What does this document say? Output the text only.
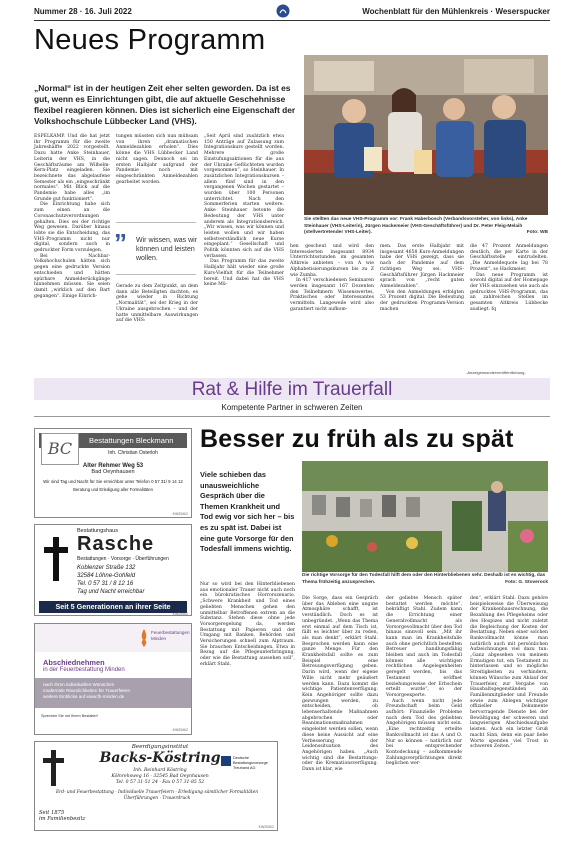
Nummer 28 · 16. Juli 2022	Wochenblatt für den Mühlenkreis · Weserspucker
Neues Programm
„Normal“ ist in der heutigen Zeit eher selten geworden. Da ist es gut, wenn es Einrichtungen gibt, die auf aktuelle Geschehnisse flexibel reagieren können. Dies ist sicherlich eine Eigenschaft der Volkshochschule Lübbecker Land (VHS).

ESPELKAMP. Und die hat jetzt ihr Programm für die zweite Jahreshälfte 2022 vorgestellt. Dazu hatte Anke Steinhauer, Leiterin der VHS, in die Geschäftsräume am Wilhelm-Kern-Platz eingeladen. Sie bezeichnete das abgelaufene Semester als ein „eingeschränkt normales“. Mit Blick auf die Pandemie habe alles „im Grunde gut funktioniert“.

Die Einrichtung habe sich zum einen an die Coronaschutzverordnungen gehalten. Dies sei der richtige Weg gewesen. Darüber hinaus lobte sie die Entscheidung, das VHS-Programm nicht nur digital, sondern auch in gedruckter Form vorzulegen.

Bei Nachbar-Volkshochschulen hätten sich gegen eine gedruckte Version entschieden und hätten spürbare Anmelderückgänge hinnehmen müssen. Sie seien damit „wirklich auf den Bart gegangen“. Einige Einrich-

tungen müssten sich nun mühsam von ihren „dramatischen Anmeldezahlen erholen“. Dies könne die VHS Lübbecker Land nicht sagen. Dennoch sei im ersten Halbjahr aufgrund der Pandemie noch mit eingeschränkten Anmeldezahlen gearbeitet worden.

” Wir wissen, was wir können und leisten wollen.

Gerade zu dem Zeitpunkt, an dem dann alle Beteiligten dachten, es gehe wieder in Richtung „Normalität“, sei der Krieg in der Ukraine ausgebrochen – und der hatte unmittelbare Auswirkungen auf die VHS:

„Seit April sind zusätzlich etwa 150 Anträge auf Zulassung zum Integrationskurs gestellt worden. Mehrere große Einstufungsaktionen für die aus der Ukraine Geflüchteten wurden vorgenommen“, so Steinhauer. In zusätzlichen Integrationskursen – allein fünf sind in den vergangenen Wochen gestartet – wurden über 100 Personen unterrichtet. Nach den Sommerferien starten weitere. Anke Steinhauer betonte die Bedeutung der VHS unter anderem als Integrationsbereich. „Wir wissen, was wir können und leisten wollen und wir haben selbstverständlich neue Kurse eingeplant.“ Gesellschaft und Politik könnten sich auf die VHS verlassen.

Das Programm für das zweite Halbjahr hält wieder eine große Kurs-Vielfalt für die Teilnehmer bereit. Und dabei hat die VHS keine Mü-

Sie stellten das neue VHS-Programm vor: Frank Haberbosch (Verbandsvorsteher, von links), Anke Steinhauer (VHS-Leiterin), Jürgen Hackemeier (VHS-Geschäftsführer) und Dr. Peter Fleig-Melaih (stellvertretender VHS-Leiter).	Foto: WB

hen gescheut und wird den Interessierten insgesamt 8934 Unterrichtsstunden im gesamten Altkreis anbieten – von A wie Alphabetisierungskursen bis zu Z wie Zumba.

In 417 verschiedenen Seminaren werden insgesamt 167 Dozenten den Teilnehmern Wissenswertes, Praktisches oder Interessantes vermitteln. Langeweile wird also garantiert nicht aufkom-

men. Das erste Halbjahr mit insgesamt 4658 Kurs-Anmeldungen habe der VHS gezeigt, dass sie nach der Pandemie auf dem richtigen Weg sei. VHS-Geschäftsführer Jürgen Hackmeier sprach von „recht guten Anmeldezahlen“.

Von den Anmeldungen erfolgten 53 Prozent digital. Die Bedeutung der gedruckten Programm-Version machen

die 47 Prozent Anmeldungen deutlich, die per Karte in der Geschäftsstelle eintrudelten. „Die Anmeldequote lag bei 78 Prozent“, so Hackmeier.

Das neue Programm ist sowohl digital auf der Homepage der VHS einzusehen wie auch als gedrucktes VHS-Programm, das an zahlreichen Stellen im gesamten Altkreis Lübbecke ausliegt. fq

-Anzeigensonderveröffentlichung-
Rat & Hilfe im Trauerfall
Kompetente Partner in schweren Zeiten
Bestattungen Bleckmann
BC	Inh. Christian Osterloh
Alter Rehmer Weg 53
Bad Oeynhausen
Wir sind Tag und Nacht für Sie erreichbar unter Telefon 0 57 31/ 9 14 12
Beratung und Erledigung aller Formalitäten
KW20/6/2
Bestattungshaus
Rasche
Bestattungen · Vorsorge · Überführungen
Koblenzer Straße 132
32584 Löhne-Gohfeld
Tel. 0 57 31 / 8 12 16
Tag und Nacht erreichbar
Seit 5 Generationen an ihrer Seite
KW20/6/2
Feuerbestattungen Minden
Abschiednehmen
in der Feuerbestattung Minden
nach Ihren individuellen Wünschen
modernste Räumlichkeiten für Trauerfeiern
weitere Einblicke auf www.fb-minden.de
Sprechen Sie mit Ihrem Bestatter!
KW20/6/2
Beerdigungsinstitut
Backs-Köstring
Inh. Reinhard Köstring
Kölnrehsweg 16 · 32545 Bad Oeynhausen
Tel. 0 57 31-51 24 · Fax 0 57 31-85 52
Erd- und Feuerbestattung · Individuelle Trauerfeiern · Erledigung sämtlicher Formalitäten
Überführungen · Trauerdruck
Seit 1875
im Familienbesitz
Deutsche Bestattungsvorsorge Treuhand AG
KW20/6/2
Besser zu früh als zu spät
Viele schieben das unausweichliche Gespräch über die Themen Krankheit und Tod ewig vor sich her – bis es zu spät ist. Dabei ist eine gute Vorsorge für den Todesfall immens wichtig.

Nur so wird bei den Hinterbliebenen aus emotionaler Trauer nicht auch noch ein bürokratisches Horrorszenario. „Schwere Krankheit und Tod eines geliebten Menschen gehen den unmittelbar Betroffenen extrem an die Substanz. Stehen diese ohne jede Vorsorgeregelung da, werden Bestattung mit Papieren und der Umgang mit Banken, Behörden und Versicherungen schnell zum Alptraum. Sie brauchen Entscheidungen. Etwa in Bezug auf die Pflegeunterbringung, oder wie die Bestattung aussehen soll“, erklärt Stahl.

Die richtige Vorsorge für den Todesfall hilft dem oder den Hinterbliebenen sehr. Deshalb ist es wichtig, das Thema frühzeitig anzusprechen.	Foto: G. Stoverock

Die Sorge, dass ein Gespräch über das Ableben eine ungute Atmosphäre schafft, ist verständlich. Doch es ist unbegründet. „Wenn das Thema erst einmal auf dem Tisch ist, fällt es leichter über zu reden, als man denkt“, erklärt Stahl. Besprochen werden kann eine ganze Menge. Für den Krankheitsfall sollte es zum Beispiel eine Betreuungsverfügung geben. Darin wird, wenn der eigene Wille nicht mehr geäußert werden kann. Dazu kommt die wichtige Patientenverfügung. Kein Angehöriger sollte dazu gezwungen werden, zu entscheiden, ob lebenserhaltende Maßnahmen abgebrochen oder Reanimationsmaßnahmen eingeleitet werden sollen, wenn diese keine Aussicht auf eine Verbesserung der Leidenssituation des Angehörigen haben. „Auch wichtig sind die Bestattungs- oder die Kremationsverfügung. Dann ist klar, wie

der geliebte Mensch später bestattet werden möchte“, bekräftigt Stahl. Zudem kann die Errichtung einer Generalvollmacht als Vorsorgevollmacht über den Tod hinaus sinnvoll sein. „Mit ihr kann man im Krankheitsfalle auch ohne gerichtlich bestellten Betreuer handlungsfähig bleiben und auch im Todesfall können alle wichtigen rechtlichen Angelegenheiten geregelt werden, bis das Testament eröffnet beziehungsweise der Erbschein erteilt wurde“, so der Vorsorgeexperte.

Auch wenn nicht jede Freundschaft beim Geld aufhört: Finanzielle Probleme nach dem Tod des geliebten Angehörigen müssen nicht sein. „Eine rechtzeitig erteilte Bankvollmacht ist das A und O. Nur so können – natürlich nur bei entsprechender Kontodeckung – aufkommende Zahlungsverpflichtungen direkt beglichen wer-

den“, erklärt Stahl. Dazu gehöre beispielsweise die Überweisung der Krankenhausrechnung, die Bezahlung des Pflegeheims oder des Hospizes und nicht zuletzt die Begleichung der Kosten der Bestattung. Neben einer solchen Bankvollmacht könne man natürlich auch mit persönlichen Aufzeichnungen viel dazu tun: „Ganz abgesehen von meinem Ermutigen tut, ein Testament zu hinterlassen und so mögliche Streitigkeiten zu verhindern, können Wünsche zum Ablauf der Trauerfeier, zur Vergabe von Haushaltsgegenständen an Familienmitglieder und Freunde sowie zum Ablegen wichtiger offizieller Dokumente hervorragende Dienste bei der Bewältigung der schweren und langwierigen Abschiedsaufgabe leisten. Auch ein letzter Gruß macht Sinn, denn ein paar liebe Worte spenden viel Trost in schweren Zeiten.“
